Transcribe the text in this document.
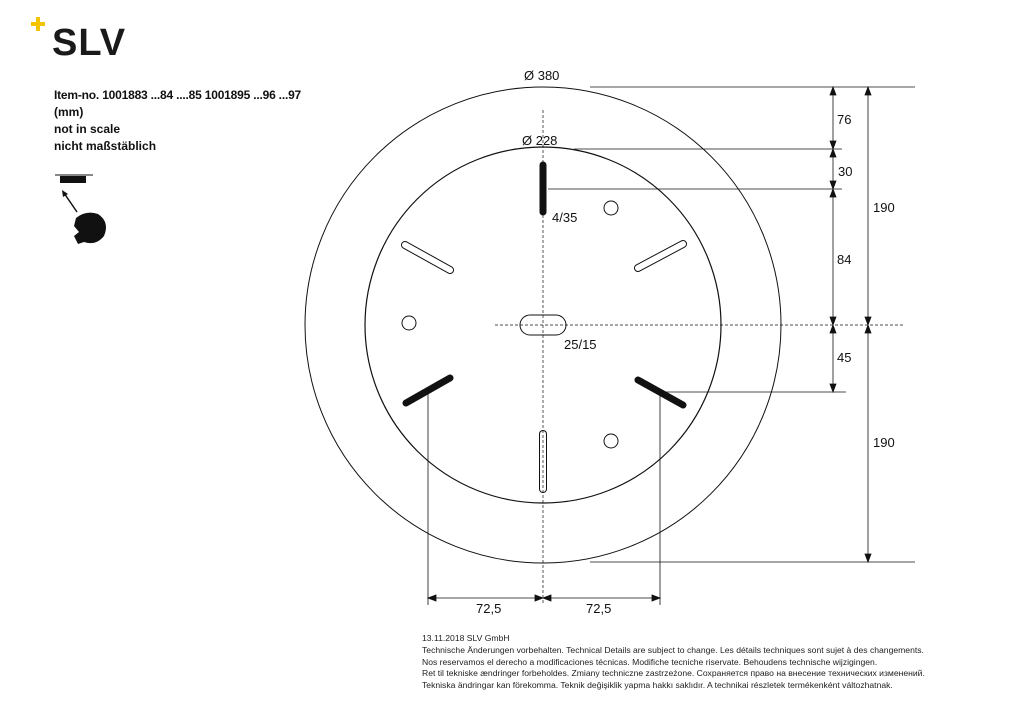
SLV
Item-no. 1001883 ...84 ....85 1001895 ...96 ...97
(mm)
not in scale
nicht maßstäblich
Ø 380
Ø 228
76
30
84
45
190
190
4/35
25/15
72,5	72,5
13.11.2018 SLV GmbH
Technische Änderungen vorbehalten. Technical Details are subject to change. Les détails techniques sont sujet à des changements.
Nos reservamos el derecho a modificaciones técnicas. Modifiche tecniche riservate. Behoudens technische wijzigingen.
Ret til tekniske ændringer forbeholdes. Zmiany techniczne zastrzeżone. Сохраняется право на внесение технических изменений.
Tekniska ändringar kan förekomma. Teknik değişiklik yapma hakkı saklıdır. A technikai részletek termékenként változhatnak.
